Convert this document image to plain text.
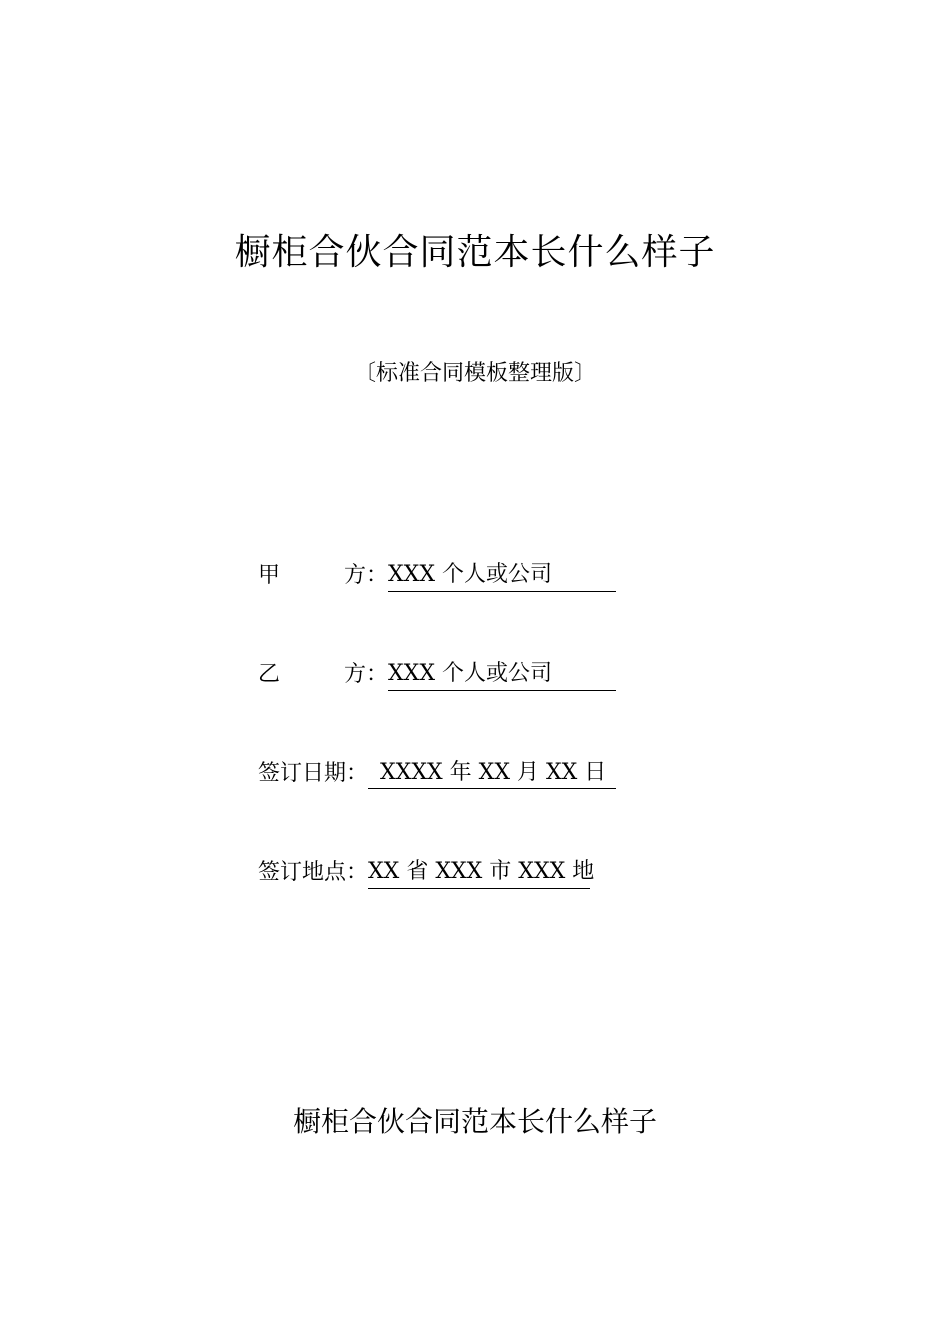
橱柜合伙合同范本长什么样子
〔标准合同模板整理版〕
甲	方： XXX 个人或公司
乙	方： XXX 个人或公司
签订日期： XXXX 年 XX 月 XX 日
签订地点：XX 省 XXX 市 XXX 地
橱柜合伙合同范本长什么样子
